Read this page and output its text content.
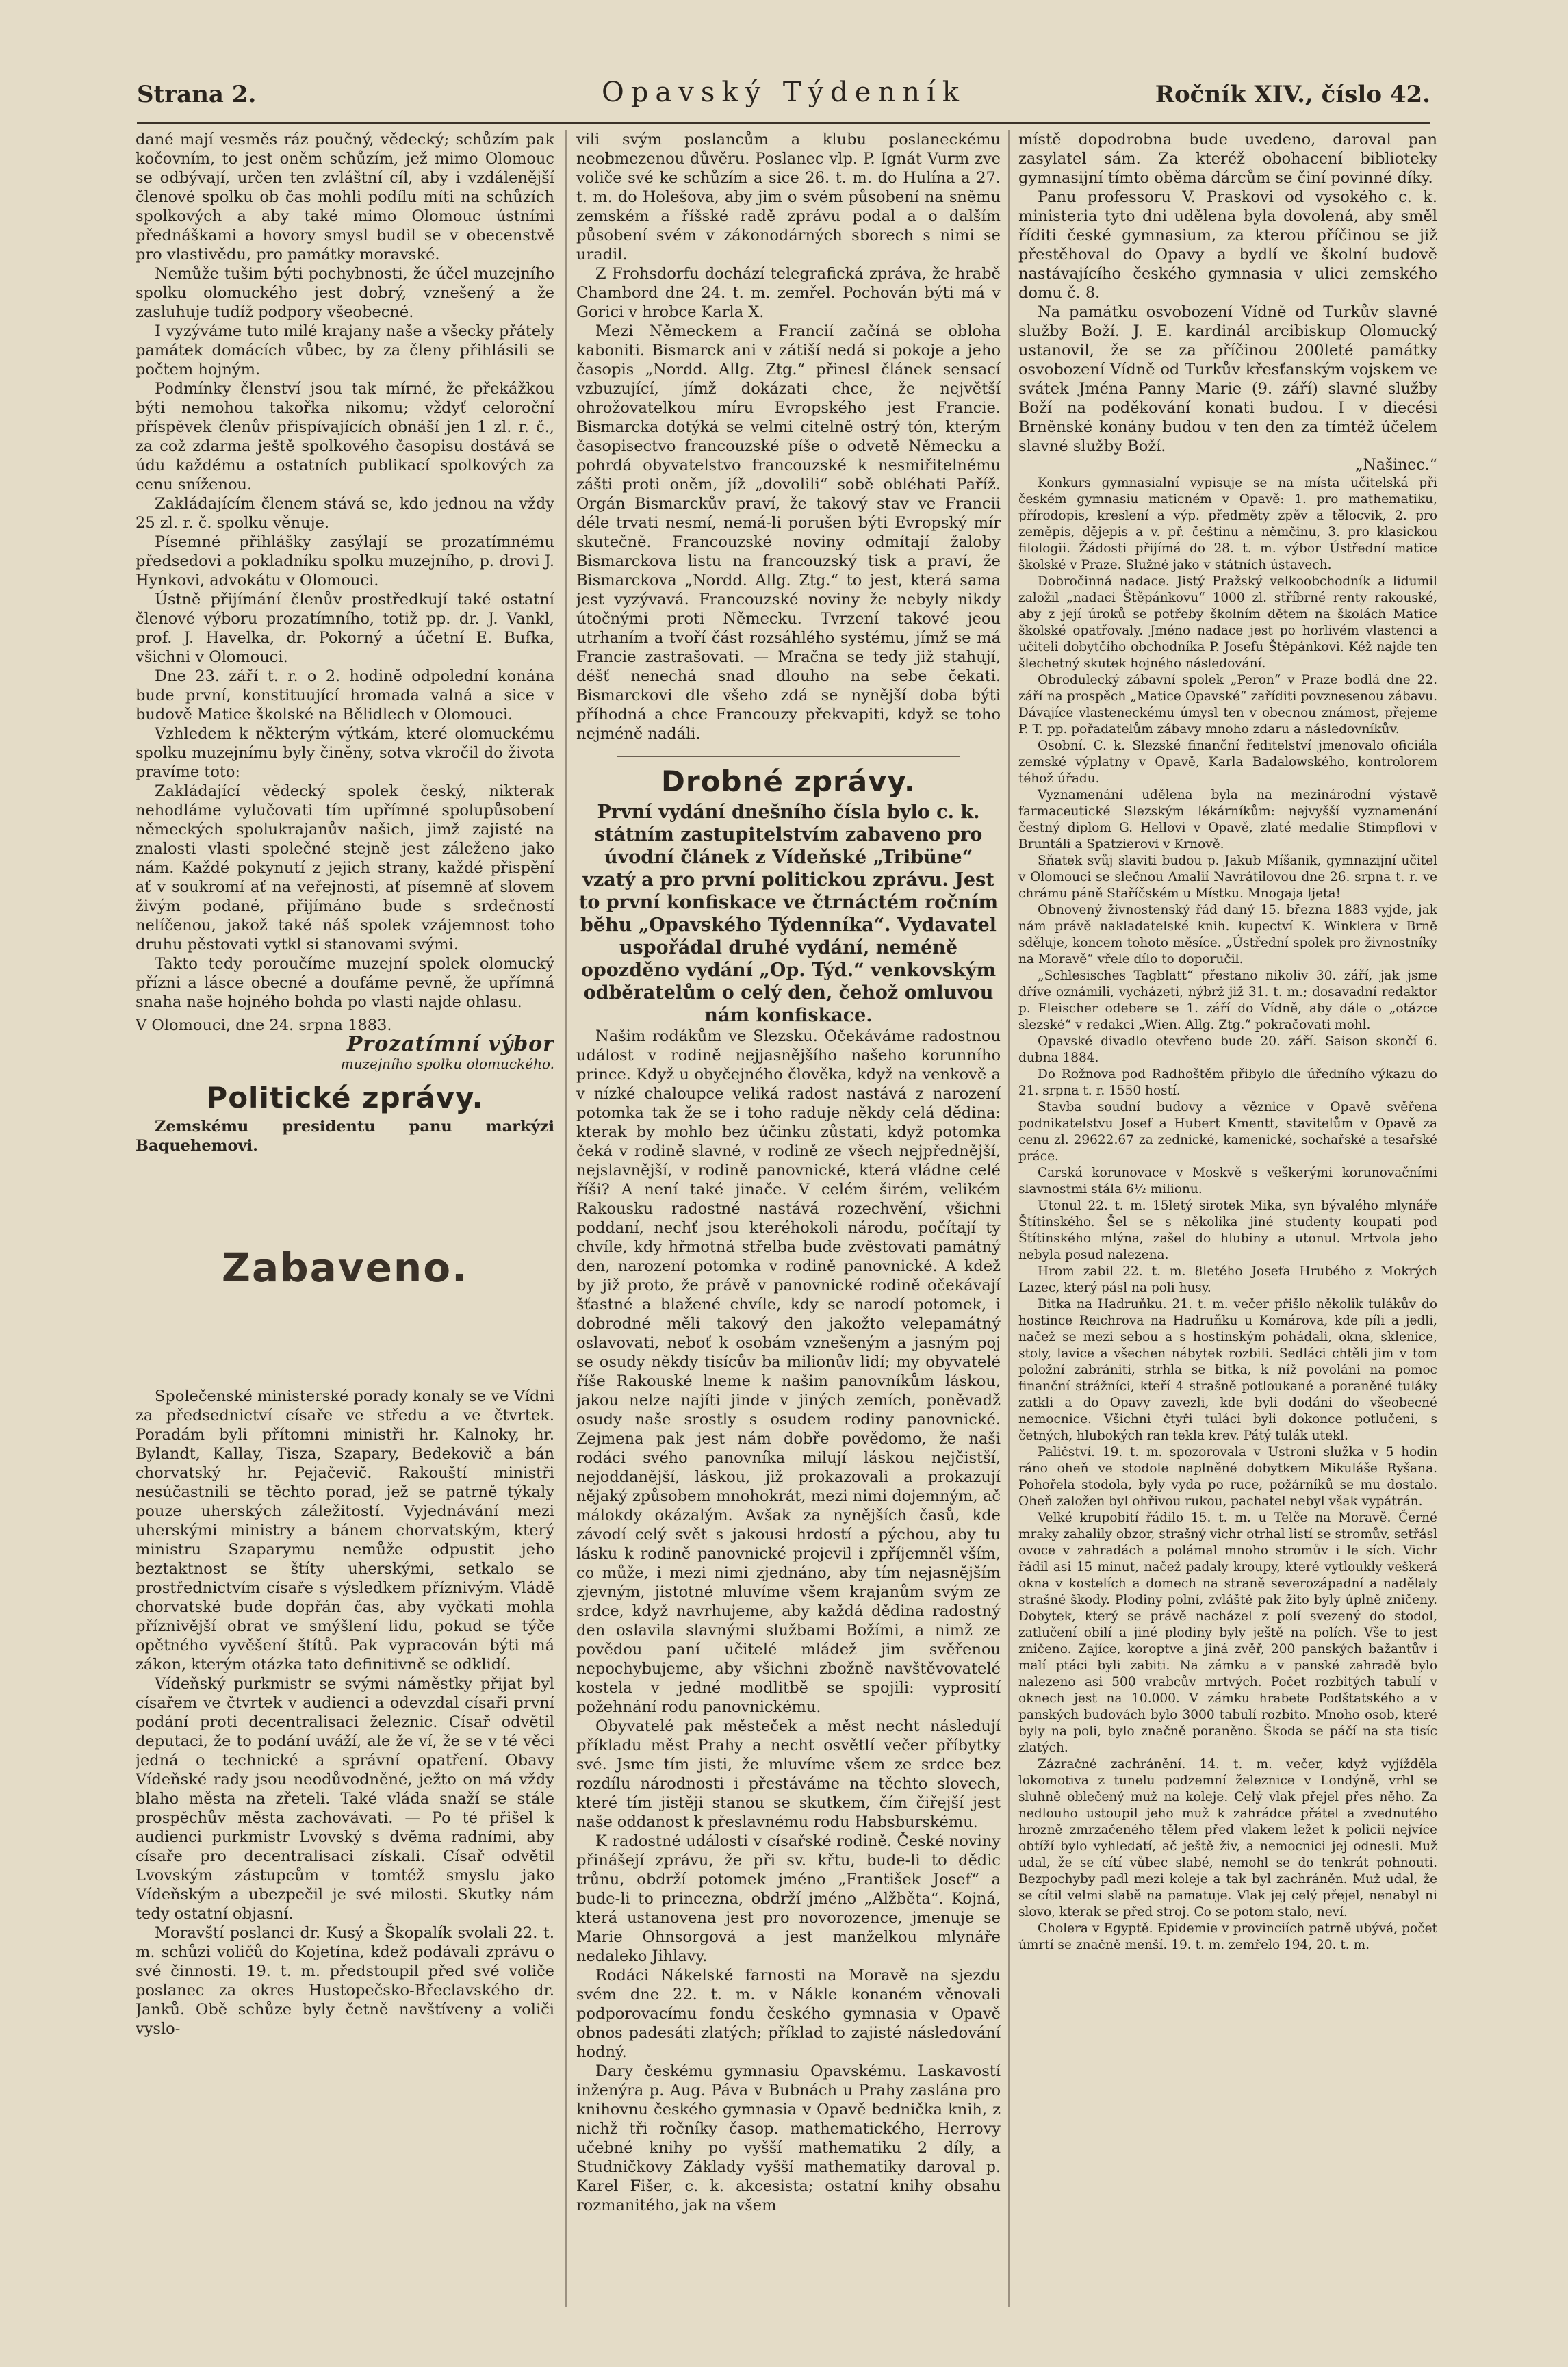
Strana 2.	Opavský Týdenník	Ročník XIV., číslo 42.

dané mají vesměs ráz poučný, vědecký; schůzím pak kočovním, to jest oněm schůzím, jež mimo Olomouc se odbývají, určen ten zvláštní cíl, aby i vzdálenější členové spolku ob čas mohli podílu míti na schůzích spolkových a aby také mimo Olomouc ústními přednáškami a hovory smysl budil se v obecenstvě pro vlastivědu, pro památky moravské.

Nemůže tušim býti pochybnosti, že účel muzejního spolku olomuckého jest dobrý, vznešený a že zasluhuje tudíž podpory všeobecné.

I vyzýváme tuto milé krajany naše a všecky přátely památek domácích vůbec, by za členy přihlásili se počtem hojným.

Podmínky členství jsou tak mírné, že překážkou býti nemohou takořka nikomu; vždyť celoroční příspěvek členův přispívajících obnáší jen 1 zl. r. č., za což zdarma ještě spolkového časopisu dostává se údu každému a ostatních publikací spolkových za cenu sníženou.

Zakládajícím členem stává se, kdo jednou na vždy 25 zl. r. č. spolku věnuje.

Písemné přihlášky zasýlají se prozatímnému předsedovi a pokladníku spolku muzejního, p. drovi J. Hynkovi, advokátu v Olomouci.

Ústně přijímání členův prostředkují také ostatní členové výboru prozatímního, totiž pp. dr. J. Vankl, prof. J. Havelka, dr. Pokorný a účetní E. Bufka, všichni v Olomouci.

Dne 23. září t. r. o 2. hodině odpolední konána bude první, konstituující hromada valná a sice v budově Matice školské na Bělidlech v Olomouci.

Vzhledem k některým výtkám, které olomuckému spolku muzejnímu byly činěny, sotva vkročil do života pravíme toto:

Zakládající vědecký spolek český, nikterak nehodláme vylučovati tím upřímné spolupůsobení německých spolukrajanův našich, jimž zajisté na znalosti vlasti společné stejně jest záleženo jako nám. Každé pokynutí z jejich strany, každé přispění ať v soukromí ať na veřejnosti, ať písemně ať slovem živým podané, přijímáno bude s srdečností nelíčenou, jakož také náš spolek vzájemnost toho druhu pěstovati vytkl si stanovami svými.

Takto tedy poroučíme muzejní spolek olomucký přízni a lásce obecné a doufáme pevně, že upřímná snaha naše hojného bohda po vlasti najde ohlasu.

V Olomouci, dne 24. srpna 1883.

Prozatímní výbor

muzejního spolku olomuckého.

Politické zprávy.

Zemskému presidentu panu markýzi Baquehemovi.

Zabaveno.

Společenské ministerské porady konaly se ve Vídni za předsednictví císaře ve středu a ve čtvrtek. Poradám byli přítomni ministři hr. Kalnoky, hr. Bylandt, Kallay, Tisza, Szapary, Bedekovič a bán chorvatský hr. Pejačevič. Rakouští ministři nesúčastnili se těchto porad, jež se patrně týkaly pouze uherských záležitostí. Vyjednávání mezi uherskými ministry a bánem chorvatským, který ministru Szaparymu nemůže odpustit jeho beztaktnost se štíty uherskými, setkalo se prostřednictvím císaře s výsledkem příznivým. Vládě chorvatské bude dopřán čas, aby vyčkati mohla příznivější obrat ve smýšlení lidu, pokud se týče opětného vyvěšení štítů. Pak vypracován býti má zákon, kterým otázka tato definitivně se odklidí.

Vídeňský purkmistr se svými náměstky přijat byl císařem ve čtvrtek v audienci a odevzdal císaři první podání proti decentralisaci železnic. Císař odvětil deputaci, že to podání uváží, ale že ví, že se v té věci jedná o technické a správní opatření. Obavy Vídeňské rady jsou neodůvodněné, ježto on má vždy blaho města na zřeteli. Také vláda snaží se stále prospěchův města zachovávati. — Po té přišel k audienci purkmistr Lvovský s dvěma radními, aby císaře pro decentralisaci získali. Císař odvětil Lvovským zástupcům v tomtéž smyslu jako Vídeňským a ubezpečil je své milosti. Skutky nám tedy ostatní objasní.

Moravští poslanci dr. Kusý a Škopalík svolali 22. t. m. schůzi voličů do Kojetína, kdež podávali zprávu o své činnosti. 19. t. m. předstoupil před své voliče poslanec za okres Hustopečsko-Břeclavského dr. Janků. Obě schůze byly četně navštíveny a voliči vyslo-

vili svým poslancům a klubu poslaneckému neobmezenou důvěru. Poslanec vlp. P. Ignát Vurm zve voliče své ke schůzím a sice 26. t. m. do Hulína a 27. t. m. do Holešova, aby jim o svém působení na sněmu zemském a říšské radě zprávu podal a o dalším působení svém v zákonodárných sborech s nimi se uradil.

Z Frohsdorfu dochází telegrafická zpráva, že hrabě Chambord dne 24. t. m. zemřel. Pochován býti má v Gorici v hrobce Karla X.

Mezi Německem a Francií začíná se obloha kaboniti. Bismarck ani v zátiší nedá si pokoje a jeho časopis „Nordd. Allg. Ztg.“ přinesl článek sensací vzbuzující, jímž dokázati chce, že největší ohrožovatelkou míru Evropského jest Francie. Bismarcka dotýká se velmi citelně ostrý tón, kterým časopisectvo francouzské píše o odvetě Německu a pohrdá obyvatelstvo francouzské k nesmiřitelnému zášti proti oněm, jíž „dovolili“ sobě obléhati Paříž. Orgán Bismarckův praví, že takový stav ve Francii déle trvati nesmí, nemá-li porušen býti Evropský mír skutečně. Francouzské noviny odmítají žaloby Bismarckova listu na francouzský tisk a praví, že Bismarckova „Nordd. Allg. Ztg.“ to jest, která sama jest vyzývavá. Francouzské noviny že nebyly nikdy útočnými proti Německu. Tvrzení takové jeou utrhaním a tvoří část rozsáhlého systému, jímž se má Francie zastrašovati. — Mračna se tedy již stahují, déšť nenechá snad dlouho na sebe čekati. Bismarckovi dle všeho zdá se nynější doba býti příhodná a chce Francouzy překvapiti, když se toho nejméně nadáli.

Drobné zprávy.

První vydání dnešního čísla bylo c. k. státním zastupitelstvím zabaveno pro úvodní článek z Vídeňské „Tribüne“ vzatý a pro první politickou zprávu. Jest to první konfiskace ve čtrnáctém ročním běhu „Opavského Týdenníka“. Vydavatel uspořádal druhé vydání, neméně opozděno vydání „Op. Týd.“ venkovským odběratelům o celý den, čehož omluvou nám konfiskace.

Našim rodákům ve Slezsku. Očekáváme radostnou událost v rodině nejjasnějšího našeho korunního prince. Když u obyčejného člověka, když na venkově a v nízké chaloupce veliká radost nastává z narození potomka tak že se i toho raduje někdy celá dědina: kterak by mohlo bez účinku zůstati, když potomka čeká v rodině slavné, v rodině ze všech nejpřednější, nejslavnější, v rodině panovnické, která vládne celé říši? A není také jinače. V celém širém, velikém Rakousku radostné nastává rozechvění, všichni poddaní, nechť jsou kteréhokoli národu, počítají ty chvíle, kdy hřmotná střelba bude zvěstovati památný den, narození potomka v rodině panovnické. A kdež by již proto, že právě v panovnické rodině očekávají šťastné a blažené chvíle, kdy se narodí potomek, i dobrodné měli takový den jakožto velepamátný oslavovati, neboť k osobám vznešeným a jasným poj se osudy někdy tisícův ba milionův lidí; my obyvatelé říše Rakouské lneme k našim panovníkům láskou, jakou nelze najíti jinde v jiných zemích, poněvadž osudy naše srostly s osudem rodiny panovnické. Zejmena pak jest nám dobře povědomo, že naši rodáci svého panovníka milují láskou nejčistší, nejoddanější, láskou, již prokazovali a prokazují nějaký způsobem mnohokrát, mezi nimi dojemným, ač málokdy okázalým. Avšak za nynějších časů, kde závodí celý svět s jakousi hrdostí a pýchou, aby tu lásku k rodině panovnické projevil i zpříjemněl vším, co může, i mezi nimi zjednáno, aby tím nejasnějším zjevným, jistotné mluvíme všem krajanům svým ze srdce, když navrhujeme, aby každá dědina radostný den oslavila slavnými službami Božími, a nimž ze povědou paní učitelé mládež jim svěřenou nepochybujeme, aby všichni zbožně navštěvovatelé kostela v jedné modlitbě se spojili: vyprosití požehnání rodu panovnickému.

Obyvatelé pak městeček a měst necht následují příkladu měst Prahy a necht osvětlí večer příbytky své. Jsme tím jisti, že mluvíme všem ze srdce bez rozdílu národnosti i přestáváme na těchto slovech, které tím jistěji stanou se skutkem, čím čiřejší jest naše oddanost k přeslavnému rodu Habsburskému.

K radostné události v císařské rodině. České noviny přinášejí zprávu, že při sv. křtu, bude-li to dědic trůnu, obdrží potomek jméno „František Josef“ a bude-li to princezna, obdrží jméno „Alžběta“. Kojná, která ustanovena jest pro novorozence, jmenuje se Marie Ohnsorgová a jest manželkou mlynáře nedaleko Jihlavy.

Rodáci Nákelské farnosti na Moravě na sjezdu svém dne 22. t. m. v Nákle konaném věnovali podporovacímu fondu českého gymnasia v Opavě obnos padesáti zlatých; příklad to zajisté následování hodný.

Dary českému gymnasiu Opavskému. Laskavostí inženýra p. Aug. Páva v Bubnách u Prahy zaslána pro knihovnu českého gymnasia v Opavě bednička knih, z nichž tři ročníky časop. mathematického, Herrovy učebné knihy po vyšší mathematiku 2 díly, a Studničkovy Základy vyšší mathematiky daroval p. Karel Fišer, c. k. akcesista; ostatní knihy obsahu rozmanitého, jak na všem

místě dopodrobna bude uvedeno, daroval pan zasylatel sám. Za kteréž obohacení biblioteky gymnasijní tímto oběma dárcům se činí povinné díky.

Panu professoru V. Praskovi od vysokého c. k. ministeria tyto dni udělena byla dovolená, aby směl říditi české gymnasium, za kterou příčinou se již přestěhoval do Opavy a bydlí ve školní budově nastávajícího českého gymnasia v ulici zemského domu č. 8.

Na památku osvobození Vídně od Turkův slavné služby Boží. J. E. kardinál arcibiskup Olomucký ustanovil, že se za příčinou 200leté památky osvobození Vídně od Turkův křesťanským vojskem ve svátek Jména Panny Marie (9. září) slavné služby Boží na poděkování konati budou. I v diecési Brněnské konány budou v ten den za tímtéž účelem slavné služby Boží.

„Našinec.“

Konkurs gymnasialní vypisuje se na místa učitelská při českém gymnasiu maticném v Opavě: 1. pro mathematiku, přírodopis, kreslení a výp. předměty zpěv a tělocvik, 2. pro zeměpis, dějepis a v. př. češtinu a němčinu, 3. pro klasickou filologii. Žádosti přijímá do 28. t. m. výbor Ústřední matice školské v Praze. Služné jako v státních ústavech.

Dobročinná nadace. Jistý Pražský velkoobchodník a lidumil založil „nadaci Štěpánkovu“ 1000 zl. stříbrné renty rakouské, aby z její úroků se potřeby školním dětem na školách Matice školské opatřovaly. Jméno nadace jest po horlivém vlastenci a učiteli dobytčího obchodníka P. Josefu Štěpánkovi. Kéž najde ten šlechetný skutek hojného následování.

Obrodulecký zábavní spolek „Peron“ v Praze bodlá dne 22. září na prospěch „Matice Opavské“ zaříditi povznesenou zábavu. Dávajíce vlasteneckému úmysl ten v obecnou známost, přejeme P. T. pp. pořadatelům zábavy mnoho zdaru a následovníkův.

Osobní. C. k. Slezské finanční ředitelství jmenovalo oficiála zemské výplatny v Opavě, Karla Badalowského, kontrolorem téhož úřadu.

Vyznamenání udělena byla na mezinárodní výstavě farmaceutické Slezským lékárníkům: nejvyšší vyznamenání čestný diplom G. Hellovi v Opavě, zlaté medalie Stimpflovi v Bruntáli a Spatzierovi v Krnově.

Sňatek svůj slaviti budou p. Jakub Míšanik, gymnazijní učitel v Olomouci se slečnou Amalií Navrátilovou dne 26. srpna t. r. ve chrámu páně Staříčském u Místku. Mnogaja ljeta!

Obnovený živnostenský řád daný 15. března 1883 vyjde, jak nám právě nakladatelské knih. kupectví K. Winklera v Brně sděluje, koncem tohoto měsíce. „Ústřední spolek pro živnostníky na Moravě“ vřele dílo to doporučil.

„Schlesisches Tagblatt“ přestano nikoliv 30. září, jak jsme dříve oznámili, vycházeti, nýbrž již 31. t. m.; dosavadní redaktor p. Fleischer odebere se 1. září do Vídně, aby dále o „otázce slezské“ v redakci „Wien. Allg. Ztg.“ pokračovati mohl.

Opavské divadlo otevřeno bude 20. září. Saison skončí 6. dubna 1884.

Do Rožnova pod Radhoštěm přibylo dle úředního výkazu do 21. srpna t. r. 1550 hostí.

Stavba soudní budovy a věznice v Opavě svěřena podnikatelstvu Josef a Hubert Kmentt, stavitelům v Opavě za cenu zl. 29622.67 za zednické, kamenické, sochařské a tesařské práce.

Carská korunovace v Moskvě s veškerými korunovačními slavnostmi stála 6½ milionu.

Utonul 22. t. m. 15letý sirotek Mika, syn bývalého mlynáře Štítinského. Šel se s několika jiné studenty koupati pod Štítinského mlýna, zašel do hlubiny a utonul. Mrtvola jeho nebyla posud nalezena.

Hrom zabil 22. t. m. 8letého Josefa Hrubého z Mokrých Lazec, který pásl na poli husy.

Bitka na Hadruňku. 21. t. m. večer přišlo několik tulákův do hostince Reichrova na Hadruňku u Komárova, kde píli a jedli, načež se mezi sebou a s hostinským pohádali, okna, sklenice, stoly, lavice a všechen nábytek rozbili. Sedláci chtěli jim v tom položní zabrániti, strhla se bitka, k níž povoláni na pomoc finanční strážníci, kteří 4 strašně potloukané a poraněné tuláky zatkli a do Opavy zavezli, kde byli dodáni do všeobecné nemocnice. Všichni čtyři tuláci byli dokonce potlučeni, s četných, hlubokých ran tekla krev. Pátý tulák utekl.

Paličství. 19. t. m. spozorovala v Ustroni služka v 5 hodin ráno oheň ve stodole naplněné dobytkem Mikuláše Ryšana. Pohořela stodola, byly vyda po ruce, požárníků se mu dostalo. Oheň založen byl ohřivou rukou, pachatel nebyl však vypátrán.

Velké krupobití řádilo 15. t. m. u Telče na Moravě. Černé mraky zahalily obzor, strašný vichr otrhal listí se stromův, setřásl ovoce v zahradách a polámal mnoho stromův i le sích. Vichr řádil asi 15 minut, načež padaly kroupy, které vytloukly veškerá okna v kostelích a domech na straně severozápadní a nadělaly strašné škody. Plodiny polní, zvláště pak žito byly úplně zničeny. Dobytek, který se právě nacházel z polí svezený do stodol, zatlučení obilí a jiné plodiny byly ještě na polích. Vše to jest zničeno. Zajíce, koroptve a jiná zvěř, 200 panských bažantův i malí ptáci byli zabiti. Na zámku a v panské zahradě bylo nalezeno asi 500 vrabcův mrtvých. Počet rozbitých tabulí v oknech jest na 10.000. V zámku hrabete Podštatského a v panských budovách bylo 3000 tabulí rozbito. Mnoho osob, které byly na poli, bylo značně poraněno. Škoda se páčí na sta tisíc zlatých.

Zázračné zachránění. 14. t. m. večer, když vyjížděla lokomotiva z tunelu podzemní železnice v Londýně, vrhl se sluhně oblečený muž na koleje. Celý vlak přejel přes něho. Za nedlouho ustoupil jeho muž k zahrádce přátel a zvednutého hrozně zmrzačeného tělem před vlakem ležet k policii nejvíce obtíží bylo vyhledatí, ač ještě živ, a nemocnici jej odnesli. Muž udal, že se cítí vůbec slabé, nemohl se do tenkrát pohnouti. Bezpochyby padl mezi koleje a tak byl zachráněn. Muž udal, že se cítil velmi slabě na pamatuje. Vlak jej celý přejel, nenabyl ni slovo, kterak se před stroj. Co se potom stalo, neví.

Cholera v Egyptě. Epidemie v provinciích patrně ubývá, počet úmrtí se značně menší. 19. t. m. zemřelo 194, 20. t. m.
